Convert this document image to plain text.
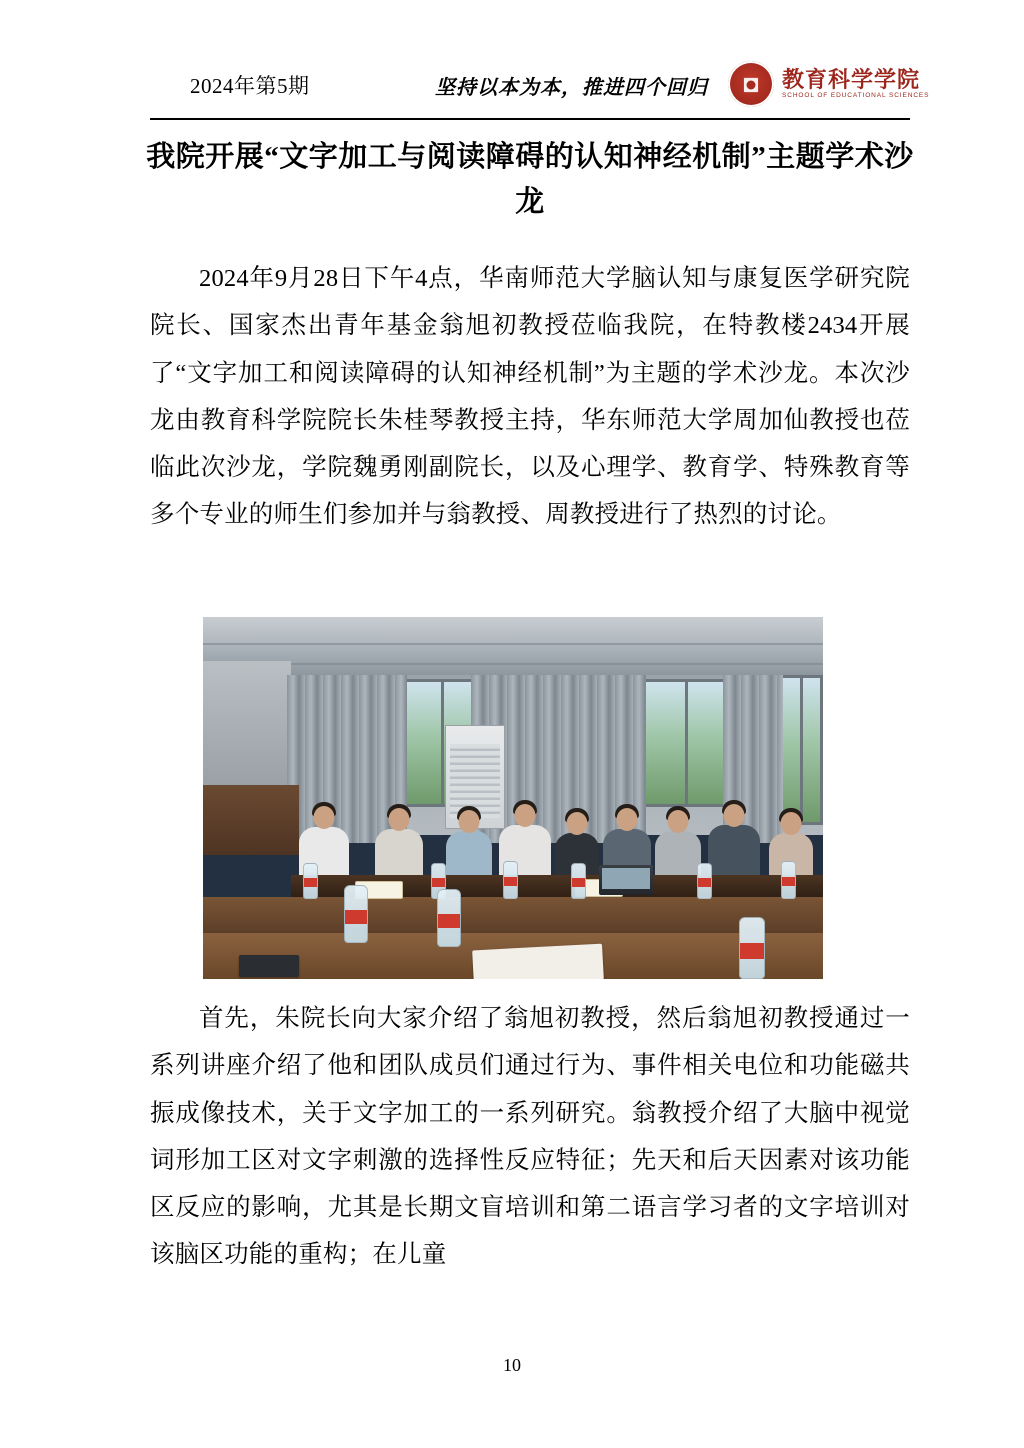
2024年第5期	坚持以本为本，推进四个回归	教育科学学院
SCHOOL OF EDUCATIONAL SCIENCES
我院开展“文字加工与阅读障碍的认知神经机制”主题学术沙龙
2024年9月28日下午4点，华南师范大学脑认知与康复医学研究院院长、国家杰出青年基金翁旭初教授莅临我院，在特教楼2434开展了“文字加工和阅读障碍的认知神经机制”为主题的学术沙龙。本次沙龙由教育科学院院长朱桂琴教授主持，华东师范大学周加仙教授也莅临此次沙龙，学院魏勇刚副院长，以及心理学、教育学、特殊教育等多个专业的师生们参加并与翁教授、周教授进行了热烈的讨论。
首先，朱院长向大家介绍了翁旭初教授，然后翁旭初教授通过一系列讲座介绍了他和团队成员们通过行为、事件相关电位和功能磁共振成像技术，关于文字加工的一系列研究。翁教授介绍了大脑中视觉词形加工区对文字刺激的选择性反应特征；先天和后天因素对该功能区反应的影响，尤其是长期文盲培训和第二语言学习者的文字培训对该脑区功能的重构；在儿童
10
